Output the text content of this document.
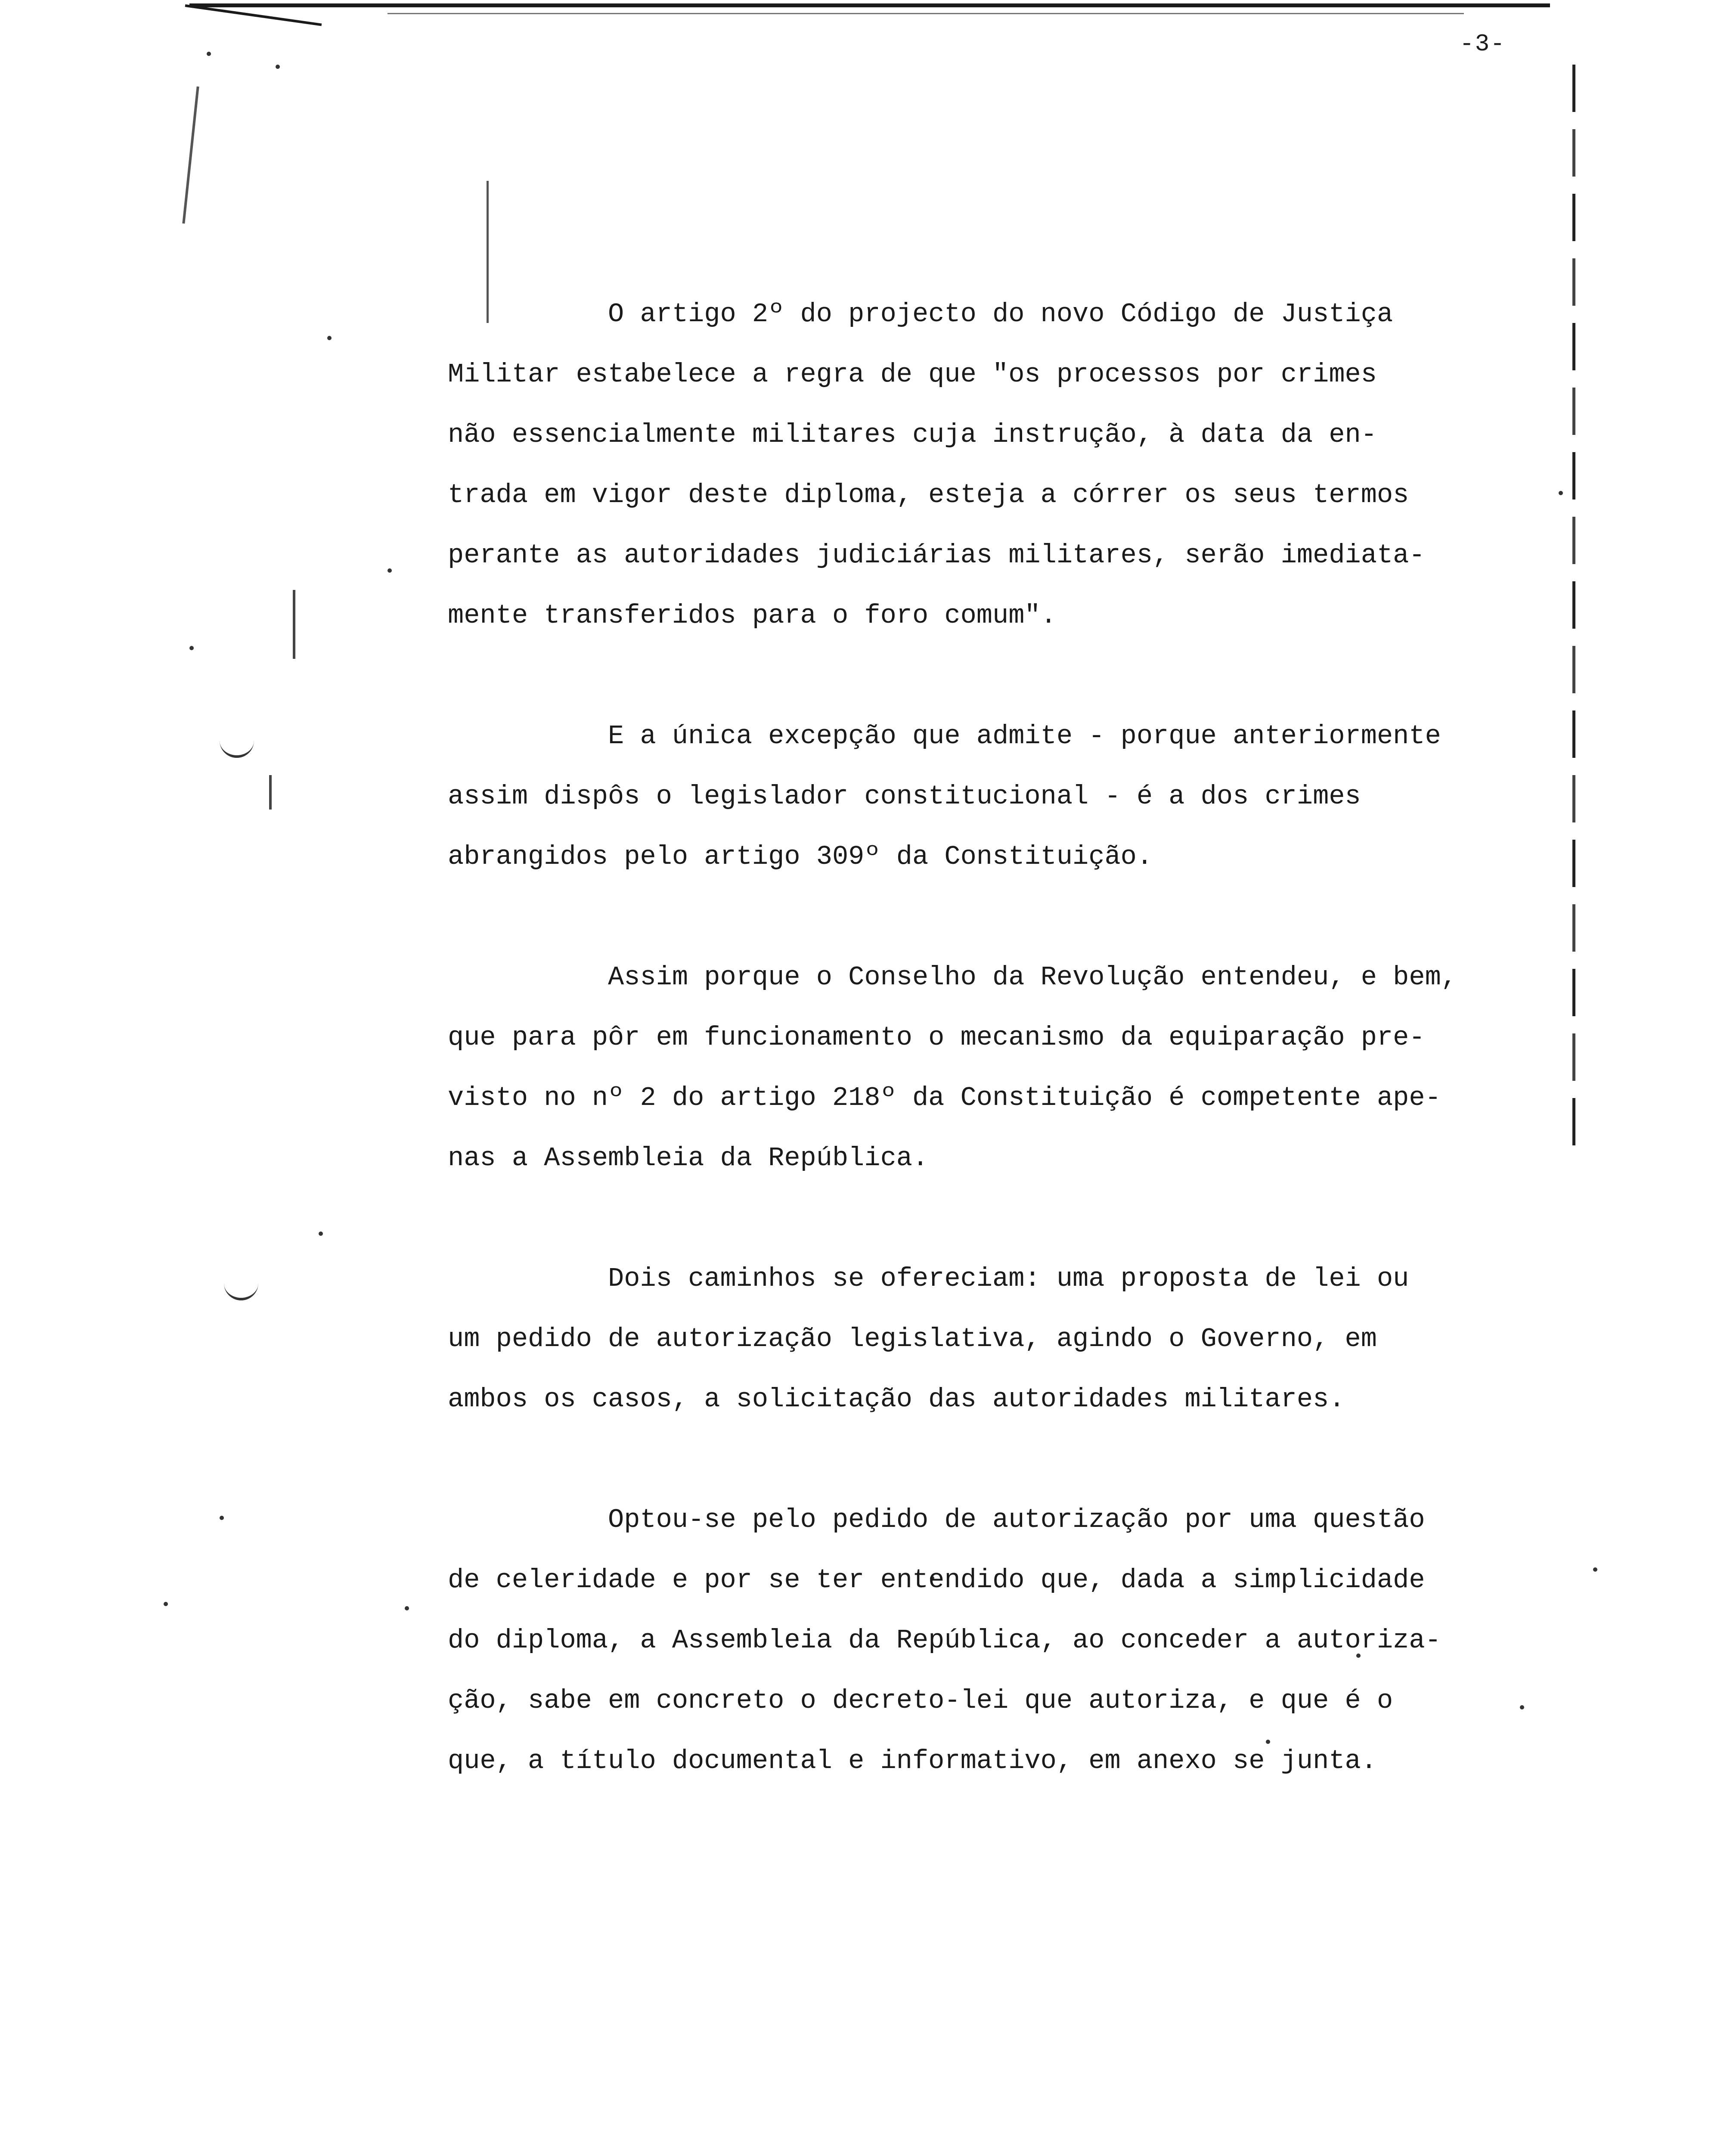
-3-
O artigo 2º do projecto do novo Código de Justiça
Militar estabelece a regra de que "os processos por crimes
não essencialmente militares cuja instrução, à data da en-
trada em vigor deste diploma, esteja a córrer os seus termos
perante as autoridades judiciárias militares, serão imediata-
mente transferidos para o foro comum".
E a única excepção que admite - porque anteriormente
assim dispôs o legislador constitucional - é a dos crimes
abrangidos pelo artigo 309º da Constituição.
Assim porque o Conselho da Revolução entendeu, e bem,
que para pôr em funcionamento o mecanismo da equiparação pre-
visto no nº 2 do artigo 218º da Constituição é competente ape-
nas a Assembleia da República.
Dois caminhos se ofereciam: uma proposta de lei ou
um pedido de autorização legislativa, agindo o Governo, em
ambos os casos, a solicitação das autoridades militares.
Optou-se pelo pedido de autorização por uma questão
de celeridade e por se ter entendido que, dada a simplicidade
do diploma, a Assembleia da República, ao conceder a autoriza-
ção, sabe em concreto o decreto-lei que autoriza, e que é o
que, a título documental e informativo, em anexo se junta.
